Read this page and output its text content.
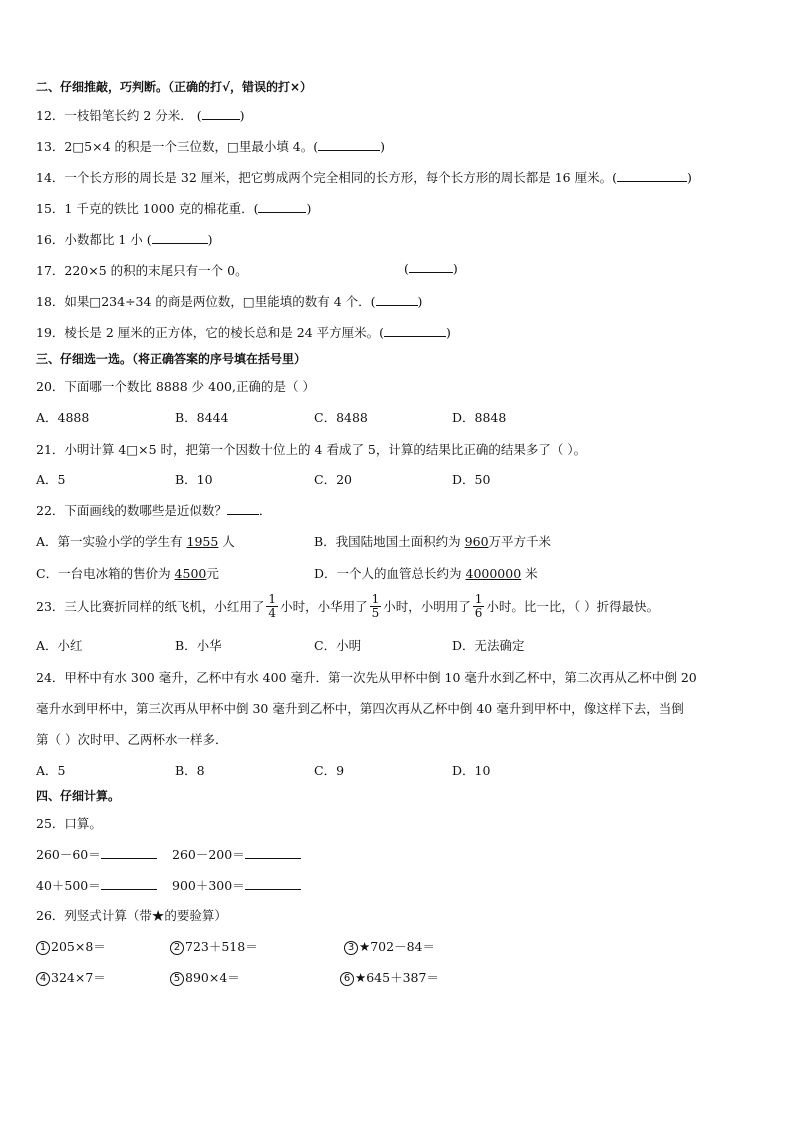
二、仔细推敲，巧判断。（正确的打√，错误的打×）
12．一枝铅笔长约 2 分米． (	)
13．2□5×4 的积是一个三位数，□里最小填 4。(	)
14．一个长方形的周长是 32 厘米，把它剪成两个完全相同的长方形，每个长方形的周长都是 16 厘米。(	)
15．1 千克的铁比 1000 克的棉花重．(	)
16．小数都比 1 小 (	)
17．220×5 的积的末尾只有一个 0。	(	)
18．如果□234÷34 的商是两位数，□里能填的数有 4 个．(	)
19．棱长是 2 厘米的正方体，它的棱长总和是 24 平方厘米。(	)
三、仔细选一选。（将正确答案的序号填在括号里）
20．下面哪一个数比 8888 少 400,正确的是（ ）
A．4888	B．8444	C．8488	D．8848
21．小明计算 4□×5 时，把第一个因数十位上的 4 看成了 5，计算的结果比正确的结果多了（ ）。
A．5	B．10	C．20	D．50
22．下面画线的数哪些是近似数？	．
A．第一实验小学的学生有 1955 人	B．我国陆地国土面积约为 960万平方千米
C．一台电冰箱的售价为 4500元	D．一个人的血管总长约为 4000000 米
23．三人比赛折同样的纸飞机，小红用了 $\frac{1}{4}$ 小时，小华用了 $\frac{1}{5}$ 小时，小明用了 $\frac{1}{6}$ 小时。比一比，（ ）折得最快。
A．小红	B．小华	C．小明	D．无法确定
24．甲杯中有水 300 毫升，乙杯中有水 400 毫升．第一次先从甲杯中倒 10 毫升水到乙杯中，第二次再从乙杯中倒 20
毫升水到甲杯中，第三次再从甲杯中倒 30 毫升到乙杯中，第四次再从乙杯中倒 40 毫升到甲杯中，像这样下去，当倒
第（ ）次时甲、乙两杯水一样多．
A．5	B．8	C．9	D．10
四、仔细计算。
25．口算。
260－60＝	260－200＝
40＋500＝	900＋300＝
26．列竖式计算（带★的要验算）
1 205×8＝	2 723＋518＝	3 ★702－84＝
4 324×7＝	5 890×4＝	6 ★645＋387＝
